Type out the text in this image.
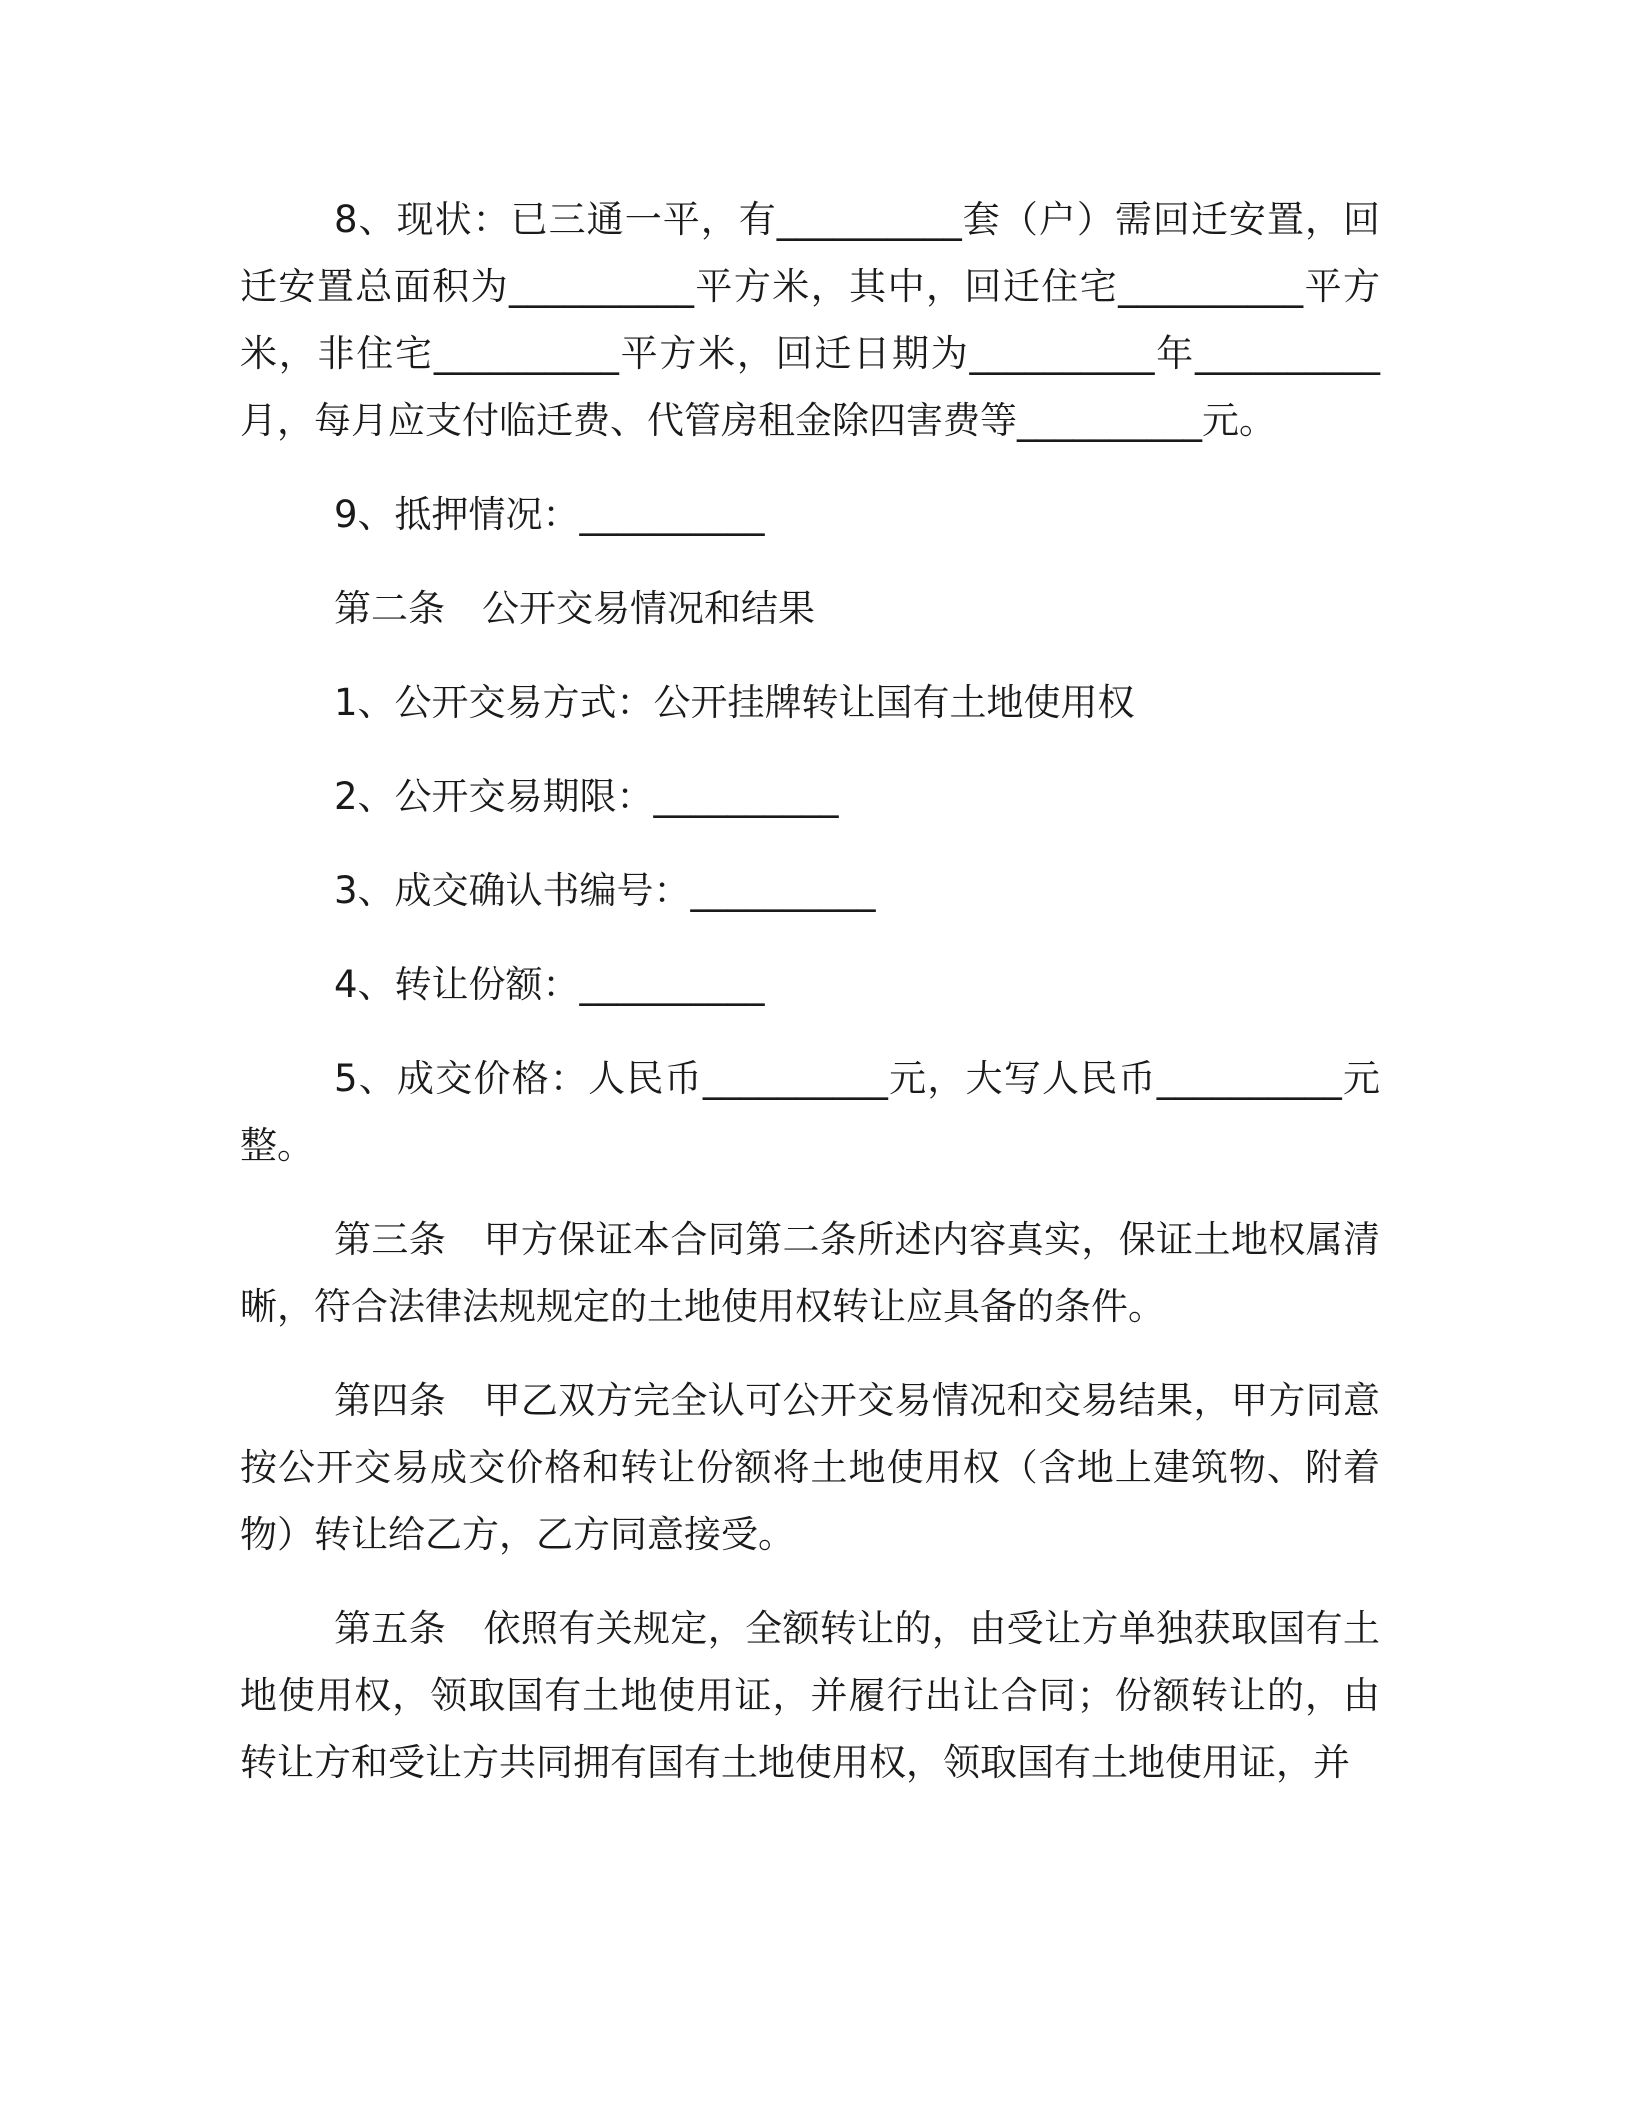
8、现状：已三通一平，有__________套（户）需回迁安置，回迁安置总面积为__________平方米，其中，回迁住宅__________平方米，非住宅__________平方米，回迁日期为__________年__________月，每月应支付临迁费、代管房租金除四害费等__________元。

9、抵押情况：__________

第二条　公开交易情况和结果

1、公开交易方式：公开挂牌转让国有土地使用权

2、公开交易期限：__________

3、成交确认书编号：__________

4、转让份额：__________

5、成交价格：人民币__________元，大写人民币__________元整。

第三条　甲方保证本合同第二条所述内容真实，保证土地权属清晰，符合法律法规规定的土地使用权转让应具备的条件。

第四条　甲乙双方完全认可公开交易情况和交易结果，甲方同意按公开交易成交价格和转让份额将土地使用权（含地上建筑物、附着物）转让给乙方，乙方同意接受。

第五条　依照有关规定，全额转让的，由受让方单独获取国有土地使用权，领取国有土地使用证，并履行出让合同；份额转让的，由转让方和受让方共同拥有国有土地使用权，领取国有土地使用证，并
